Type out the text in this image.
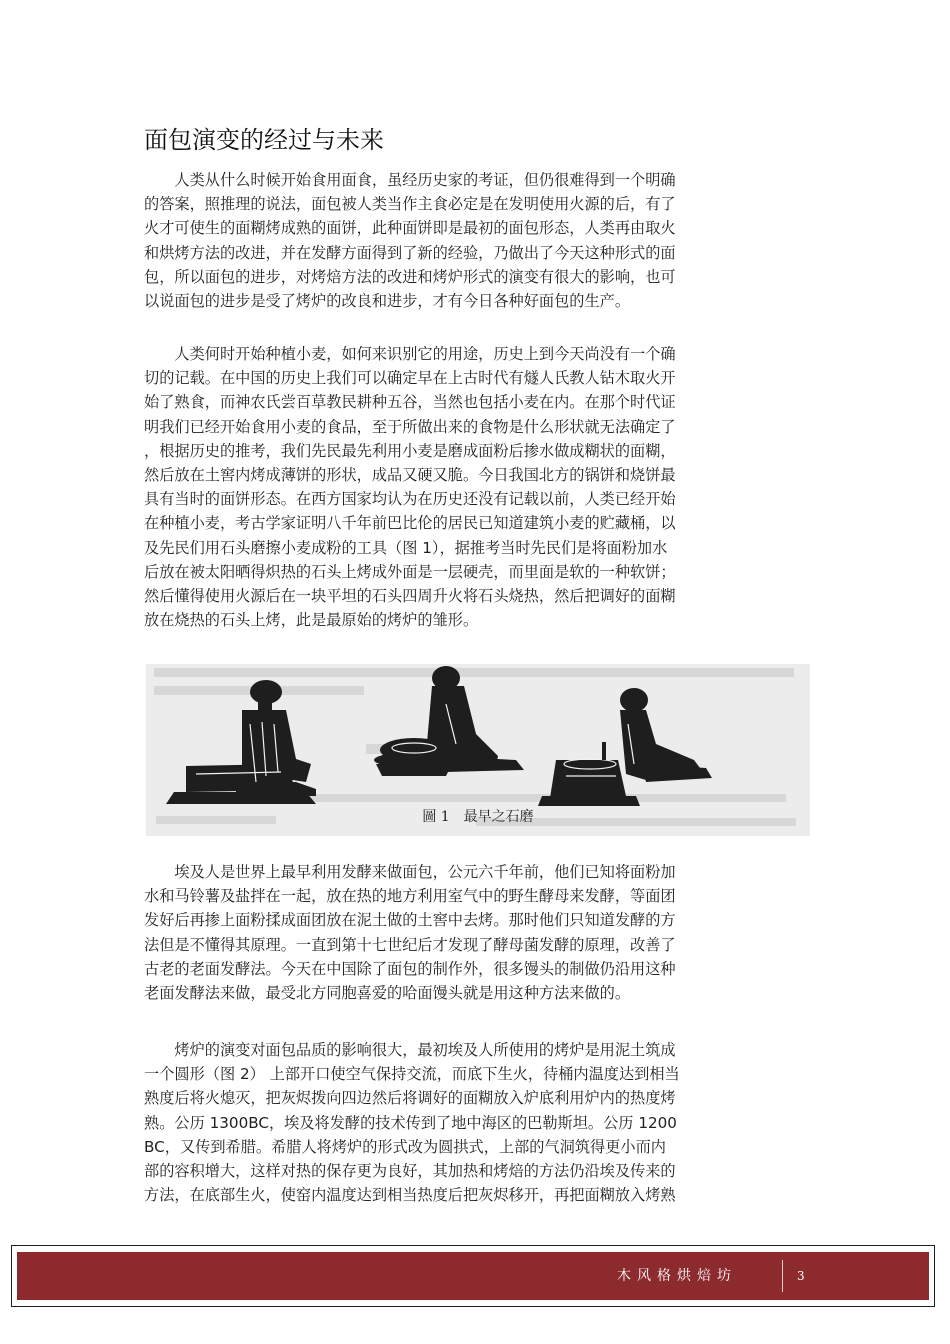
面包演变的经过与未来
　　人类从什么时候开始食用面食，虽经历史家的考证，但仍很难得到一个明确
的答案，照推理的说法，面包被人类当作主食必定是在发明使用火源的后，有了
火才可使生的面糊烤成熟的面饼，此种面饼即是最初的面包形态，人类再由取火
和烘烤方法的改进，并在发酵方面得到了新的经验，乃做出了今天这种形式的面
包，所以面包的进步，对烤焙方法的改进和烤炉形式的演变有很大的影响，也可
以说面包的进步是受了烤炉的改良和进步，才有今日各种好面包的生产。
　　人类何时开始种植小麦，如何来识别它的用途，历史上到今天尚没有一个确
切的记载。在中国的历史上我们可以确定早在上古时代有燧人氏教人钻木取火开
始了熟食，而神农氏尝百草教民耕种五谷，当然也包括小麦在内。在那个时代证
明我们已经开始食用小麦的食品，至于所做出来的食物是什么形状就无法确定了
，根据历史的推考，我们先民最先利用小麦是磨成面粉后掺水做成糊状的面糊，
然后放在土窖内烤成薄饼的形状，成品又硬又脆。今日我国北方的锅饼和烧饼最
具有当时的面饼形态。在西方国家均认为在历史还没有记载以前，人类已经开始
在种植小麦，考古学家证明八千年前巴比伦的居民已知道建筑小麦的贮藏桶，以
及先民们用石头磨擦小麦成粉的工具（图 1），据推考当时先民们是将面粉加水
后放在被太阳晒得炽热的石头上烤成外面是一层硬壳，而里面是软的一种软饼；
然后懂得使用火源后在一块平坦的石头四周升火将石头烧热，然后把调好的面糊
放在烧热的石头上烤，此是最原始的烤炉的雏形。
圖 1　最早之石磨
　　埃及人是世界上最早利用发酵来做面包，公元六千年前，他们已知将面粉加
水和马铃薯及盐拌在一起，放在热的地方利用室气中的野生酵母来发酵，等面团
发好后再掺上面粉揉成面团放在泥土做的土窖中去烤。那时他们只知道发酵的方
法但是不懂得其原理。一直到第十七世纪后才发现了酵母菌发酵的原理，改善了
古老的老面发酵法。今天在中国除了面包的制作外，很多馒头的制做仍沿用这种
老面发酵法来做，最受北方同胞喜爱的哈面馒头就是用这种方法来做的。
　　烤炉的演变对面包品质的影响很大，最初埃及人所使用的烤炉是用泥土筑成
一个圆形（图 2） 上部开口使空气保持交流，而底下生火，待桶内温度达到相当
熟度后将火熄灭，把灰烬拨向四边然后将调好的面糊放入炉底利用炉内的热度烤
熟。公历 1300BC，埃及将发酵的技术传到了地中海区的巴勒斯坦。公历 1200
BC，又传到希腊。希腊人将烤炉的形式改为圆拱式，上部的气洞筑得更小而内
部的容积增大，这样对热的保存更为良好，其加热和烤焙的方法仍沿埃及传来的
方法，在底部生火，使窑内温度达到相当热度后把灰烬移开，再把面糊放入烤熟
木风格烘焙坊	3
